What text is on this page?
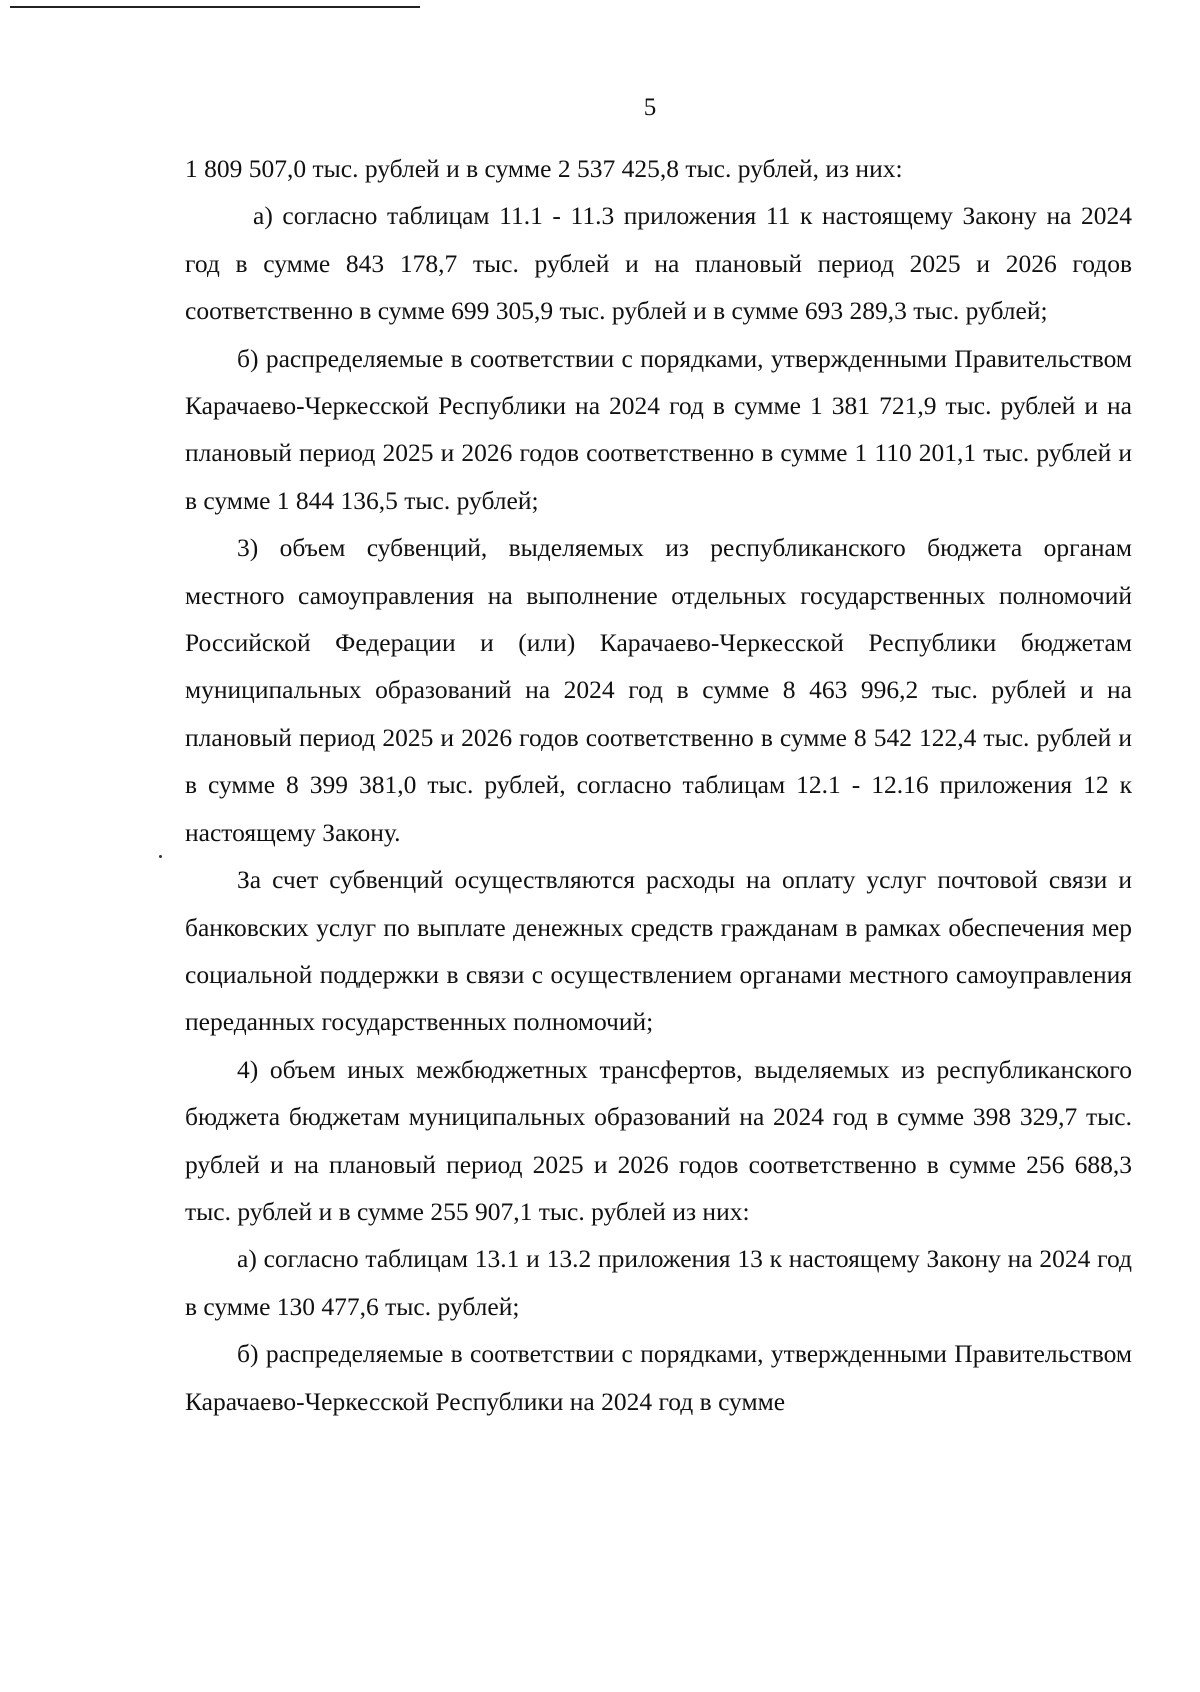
5

1 809 507,0 тыс. рублей и в сумме 2 537 425,8 тыс. рублей, из них:

а) согласно таблицам 11.1 - 11.3 приложения 11 к настоящему Закону на 2024 год в сумме 843 178,7 тыс. рублей и на плановый период 2025 и 2026 годов соответственно в сумме 699 305,9 тыс. рублей и в сумме 693 289,3 тыс. рублей;

б) распределяемые в соответствии с порядками, утвержденными Правительством Карачаево-Черкесской Республики на 2024 год в сумме 1 381 721,9 тыс. рублей и на плановый период 2025 и 2026 годов соответственно в сумме 1 110 201,1 тыс. рублей и в сумме 1 844 136,5 тыс. рублей;

3) объем субвенций, выделяемых из республиканского бюджета органам местного самоуправления на выполнение отдельных государственных полномочий Российской Федерации и (или) Карачаево-Черкесской Республики бюджетам муниципальных образований на 2024 год в сумме 8 463 996,2 тыс. рублей и на плановый период 2025 и 2026 годов соответственно в сумме 8 542 122,4 тыс. рублей и в сумме 8 399 381,0 тыс. рублей, согласно таблицам 12.1 - 12.16 приложения 12 к настоящему Закону.

За счет субвенций осуществляются расходы на оплату услуг почтовой связи и банковских услуг по выплате денежных средств гражданам в рамках обеспечения мер социальной поддержки в связи с осуществлением органами местного самоуправления переданных государственных полномочий;

4) объем иных межбюджетных трансфертов, выделяемых из республиканского бюджета бюджетам муниципальных образований на 2024 год в сумме 398 329,7 тыс. рублей и на плановый период 2025 и 2026 годов соответственно в сумме 256 688,3 тыс. рублей и в сумме 255 907,1 тыс. рублей из них:

а) согласно таблицам 13.1 и 13.2 приложения 13 к настоящему Закону на 2024 год в сумме 130 477,6 тыс. рублей;

б) распределяемые в соответствии с порядками, утвержденными Правительством Карачаево-Черкесской Республики на 2024 год в сумме
